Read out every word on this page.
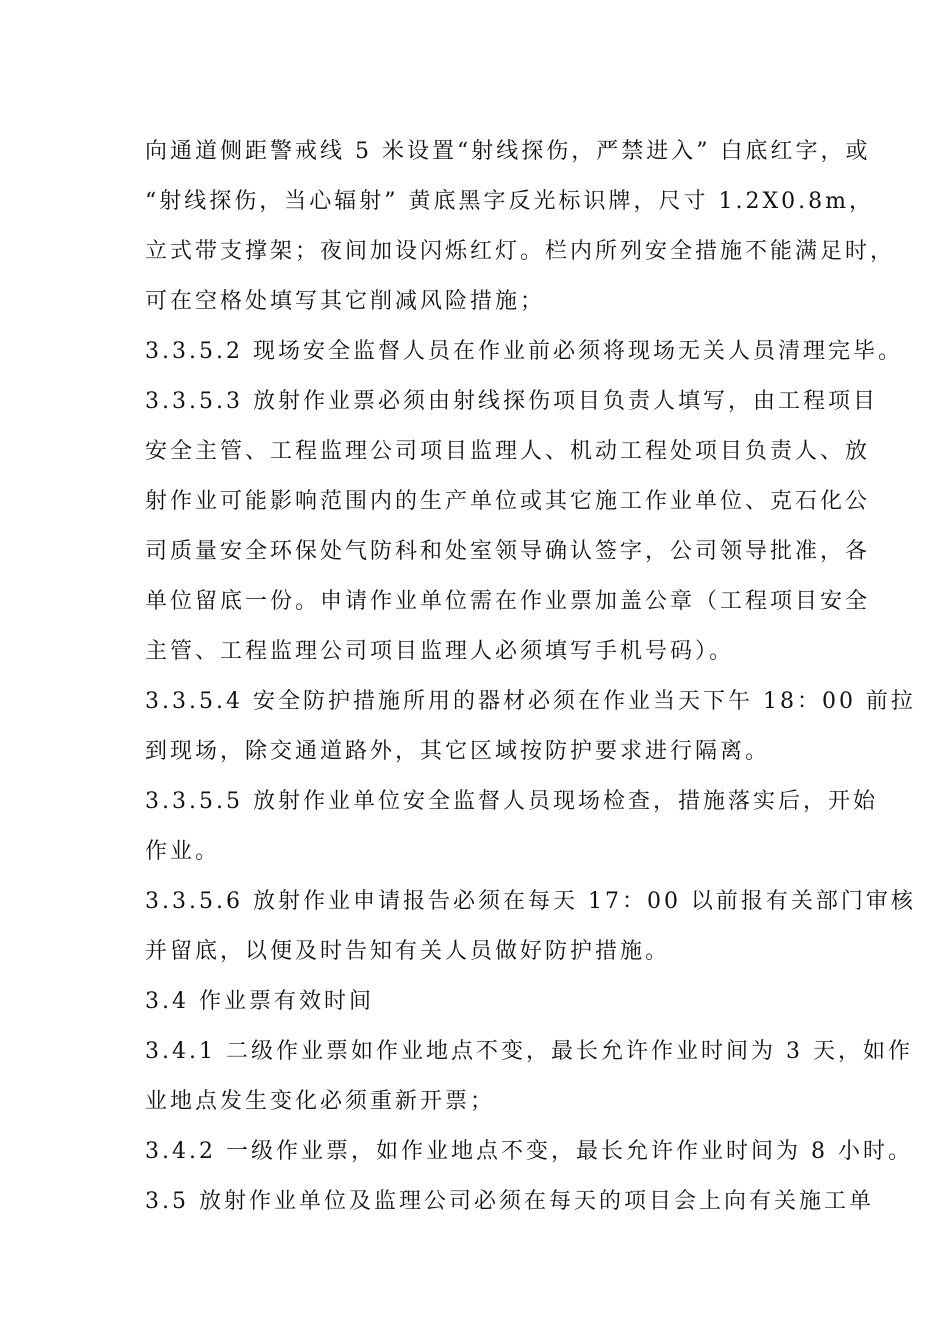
向通道侧距警戒线 5 米设置“射线探伤，严禁进入” 白底红字，或
“射线探伤，当心辐射” 黄底黑字反光标识牌，尺寸 1.2X0.8m，
立式带支撑架；夜间加设闪烁红灯。栏内所列安全措施不能满足时，
可在空格处填写其它削减风险措施；
3.3.5.2 现场安全监督人员在作业前必须将现场无关人员清理完毕。
3.3.5.3 放射作业票必须由射线探伤项目负责人填写，由工程项目
安全主管、工程监理公司项目监理人、机动工程处项目负责人、放
射作业可能影响范围内的生产单位或其它施工作业单位、克石化公
司质量安全环保处气防科和处室领导确认签字，公司领导批准，各
单位留底一份。申请作业单位需在作业票加盖公章（工程项目安全
主管、工程监理公司项目监理人必须填写手机号码）。
3.3.5.4 安全防护措施所用的器材必须在作业当天下午 18：00 前拉
到现场，除交通道路外，其它区域按防护要求进行隔离。
3.3.5.5 放射作业单位安全监督人员现场检查，措施落实后，开始
作业。
3.3.5.6 放射作业申请报告必须在每天 17：00 以前报有关部门审核
并留底，以便及时告知有关人员做好防护措施。
3.4 作业票有效时间
3.4.1 二级作业票如作业地点不变，最长允许作业时间为 3 天，如作
业地点发生变化必须重新开票；
3.4.2 一级作业票，如作业地点不变，最长允许作业时间为 8 小时。
3.5 放射作业单位及监理公司必须在每天的项目会上向有关施工单
